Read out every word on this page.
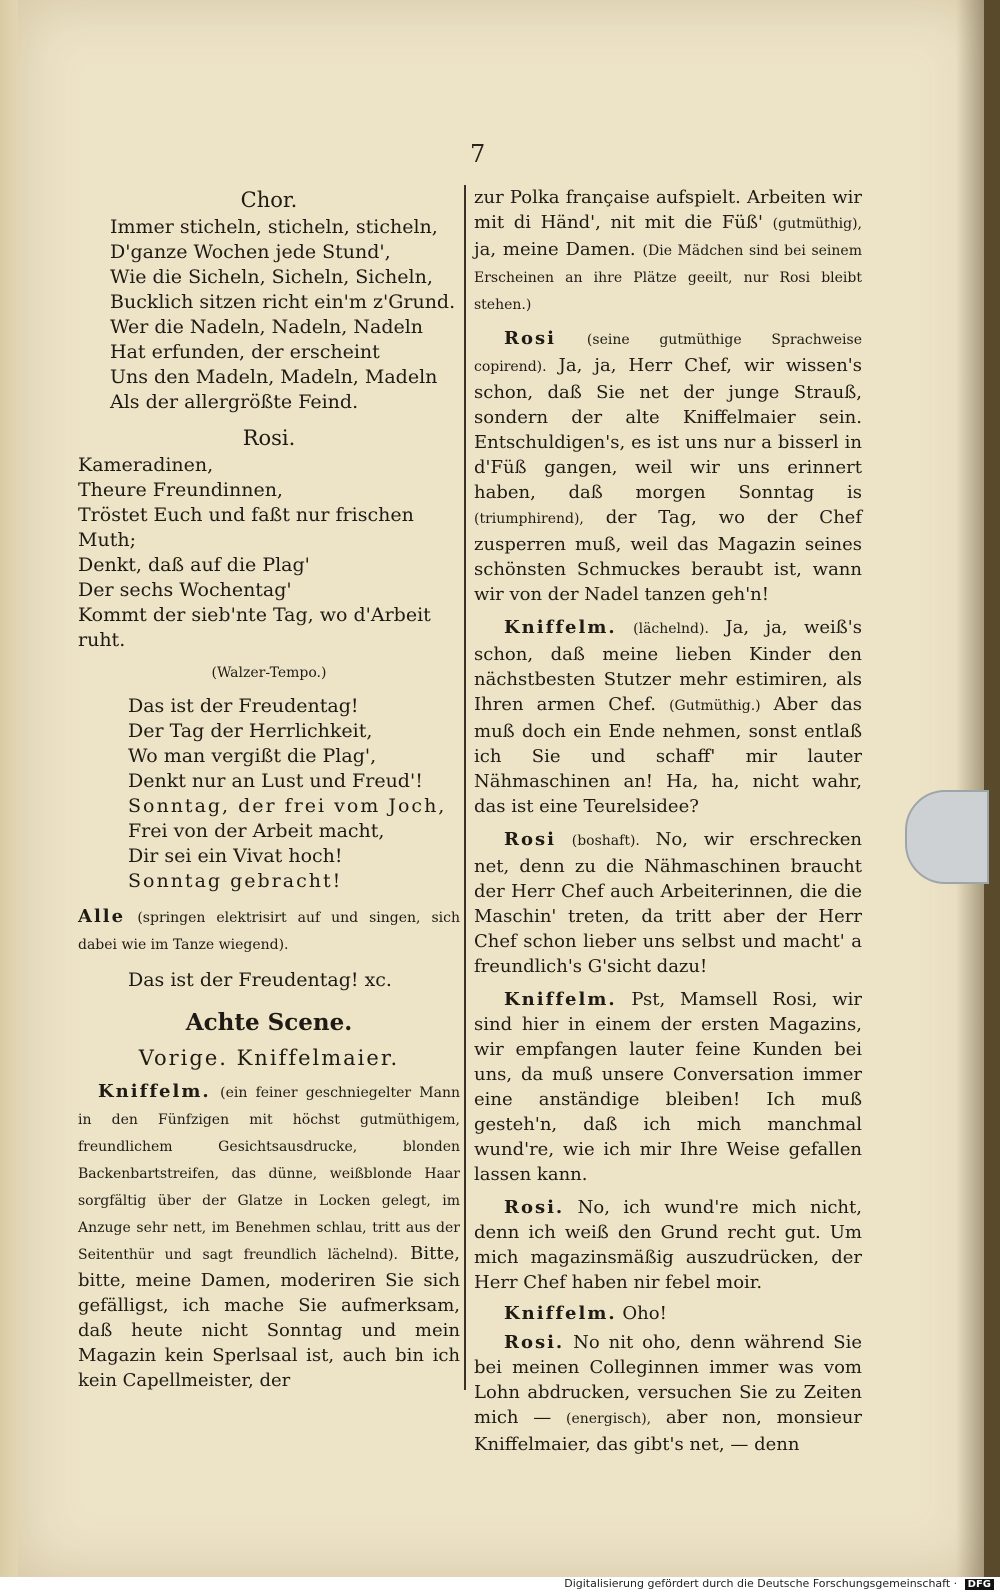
7

Chor.

Immer sticheln, sticheln, sticheln,

D'ganze Wochen jede Stund',

Wie die Sicheln, Sicheln, Sicheln,

Bucklich sitzen richt ein'm z'Grund.

Wer die Nadeln, Nadeln, Nadeln

Hat erfunden, der erscheint

Uns den Madeln, Madeln, Madeln

Als der allergrößte Feind.

Rosi.

Kameradinen,

Theure Freundinnen,

Tröstet Euch und faßt nur frischen Muth;

Denkt, daß auf die Plag'

Der sechs Wochentag'

Kommt der sieb'nte Tag, wo d'Arbeit ruht.

(Walzer-Tempo.)

Das ist der Freudentag!

Der Tag der Herrlichkeit,

Wo man vergißt die Plag',

Denkt nur an Lust und Freud'!

Sonntag, der frei vom Joch,

Frei von der Arbeit macht,

Dir sei ein Vivat hoch!

Sonntag gebracht!

Alle (springen elektrisirt auf und singen, sich dabei wie im Tanze wiegend).

Das ist der Freudentag! xc.

Achte Scene.

Vorige. Kniffelmaier.

Kniffelm. (ein feiner geschniegelter Mann in den Fünfzigen mit höchst gutmüthigem, freundlichem Gesichtsausdrucke, blonden Backenbartstreifen, das dünne, weißblonde Haar sorgfältig über der Glatze in Locken gelegt, im Anzuge sehr nett, im Benehmen schlau, tritt aus der Seitenthür und sagt freundlich lächelnd). Bitte, bitte, meine Damen, moderiren Sie sich gefälligst, ich mache Sie aufmerksam, daß heute nicht Sonntag und mein Magazin kein Sperlsaal ist, auch bin ich kein Capellmeister, der

zur Polka française aufspielt. Arbeiten wir mit di Händ', nit mit die Füß' (gutmüthig), ja, meine Damen. (Die Mädchen sind bei seinem Erscheinen an ihre Plätze geeilt, nur Rosi bleibt stehen.)

Rosi (seine gutmüthige Sprachweise copirend). Ja, ja, Herr Chef, wir wissen's schon, daß Sie net der junge Strauß, sondern der alte Kniffelmaier sein. Entschuldigen's, es ist uns nur a bisserl in d'Füß gangen, weil wir uns erinnert haben, daß morgen Sonntag is (triumphirend), der Tag, wo der Chef zusperren muß, weil das Magazin seines schönsten Schmuckes beraubt ist, wann wir von der Nadel tanzen geh'n!

Kniffelm. (lächelnd). Ja, ja, weiß's schon, daß meine lieben Kinder den nächstbesten Stutzer mehr estimiren, als Ihren armen Chef. (Gutmüthig.) Aber das muß doch ein Ende nehmen, sonst entlaß ich Sie und schaff' mir lauter Nähmaschinen an! Ha, ha, nicht wahr, das ist eine Teurelsidee?

Rosi (boshaft). No, wir erschrecken net, denn zu die Nähmaschinen braucht der Herr Chef auch Arbeiterinnen, die die Maschin' treten, da tritt aber der Herr Chef schon lieber uns selbst und macht' a freundlich's G'sicht dazu!

Kniffelm. Pst, Mamsell Rosi, wir sind hier in einem der ersten Magazins, wir empfangen lauter feine Kunden bei uns, da muß unsere Conversation immer eine anständige bleiben! Ich muß gesteh'n, daß ich mich manchmal wund're, wie ich mir Ihre Weise gefallen lassen kann.

Rosi. No, ich wund're mich nicht, denn ich weiß den Grund recht gut. Um mich magazinsmäßig auszudrücken, der Herr Chef haben nir febel moir.

Kniffelm. Oho!

Rosi. No nit oho, denn während Sie bei meinen Colleginnen immer was vom Lohn abdrucken, versuchen Sie zu Zeiten mich — (energisch), aber non, monsieur Kniffelmaier, das gibt's net, — denn

Digitalisierung gefördert durch die Deutsche Forschungsgemeinschaft · DFG
